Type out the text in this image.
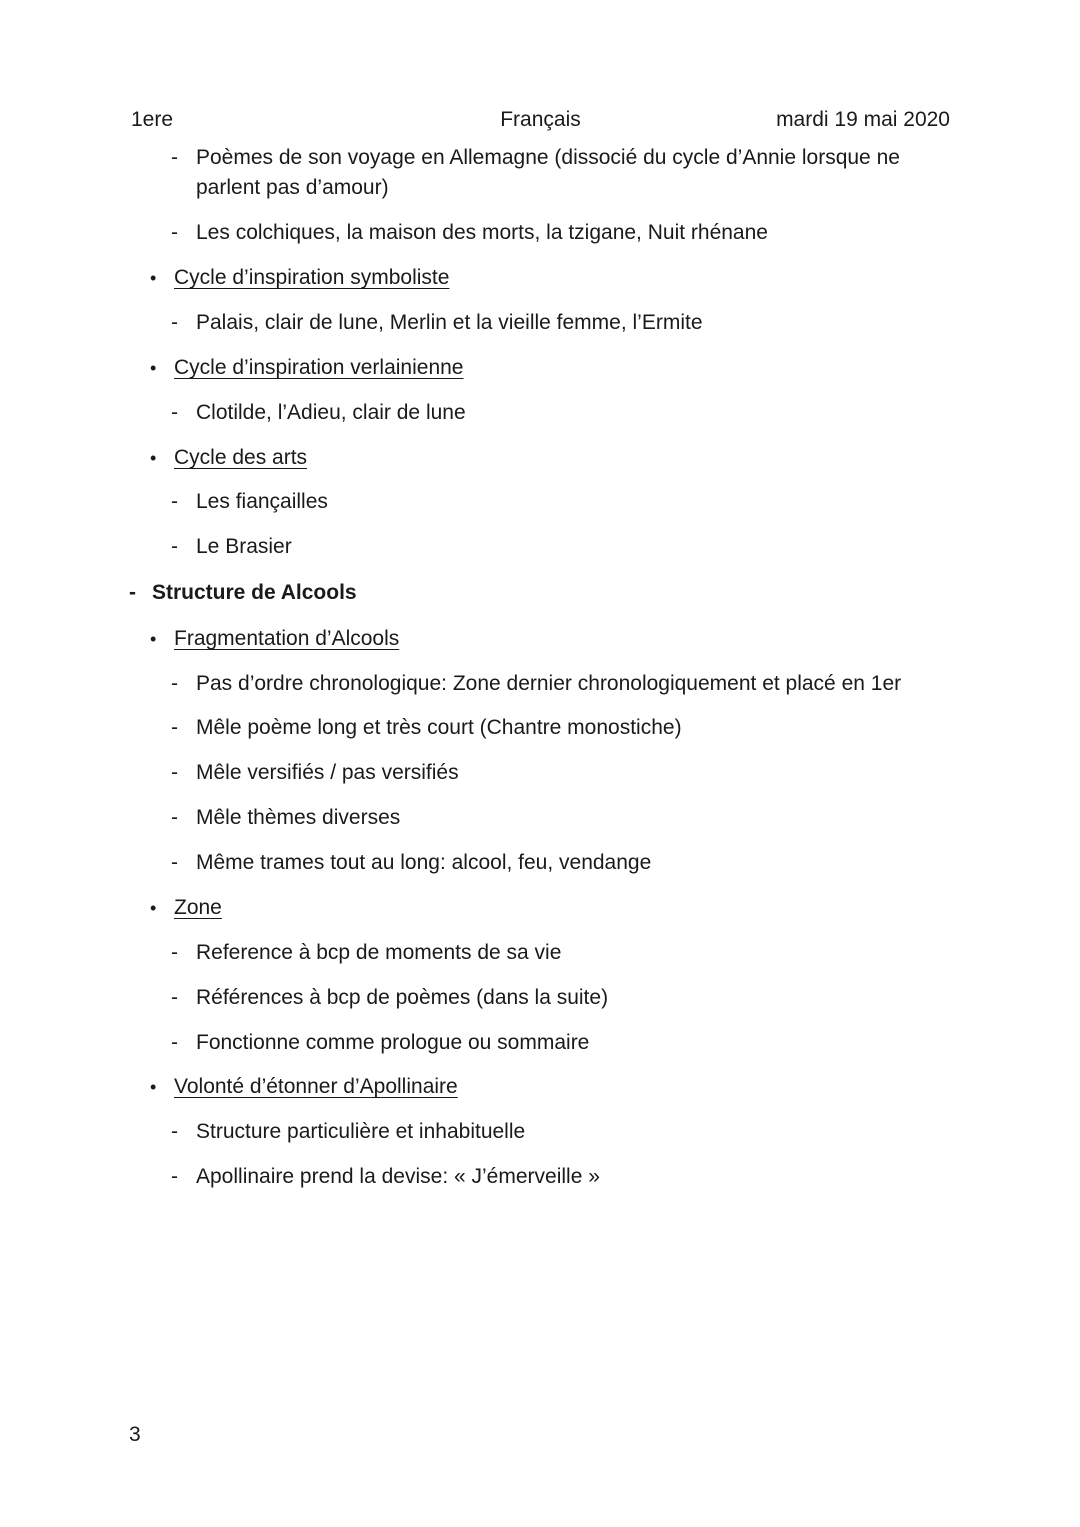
1ere	Français	mardi 19 mai 2020
- Poèmes de son voyage en Allemagne (dissocié du cycle d’Annie lorsque ne
parlent pas d’amour)
- Les colchiques, la maison des morts, la tzigane, Nuit rhénane
• Cycle d’inspiration symboliste
- Palais, clair de lune, Merlin et la vieille femme, l’Ermite
• Cycle d’inspiration verlainienne
- Clotilde, l’Adieu, clair de lune
• Cycle des arts
- Les fiançailles
- Le Brasier
- Structure de Alcools
• Fragmentation d’Alcools
- Pas d’ordre chronologique: Zone dernier chronologiquement et placé en 1er
- Mêle poème long et très court (Chantre monostiche)
- Mêle versifiés / pas versifiés
- Mêle thèmes diverses
- Même trames tout au long: alcool, feu, vendange
• Zone
- Reference à bcp de moments de sa vie
- Références à bcp de poèmes (dans la suite)
- Fonctionne comme prologue ou sommaire
• Volonté d’étonner d’Apollinaire
- Structure particulière et inhabituelle
- Apollinaire prend la devise: « J’émerveille »
3
